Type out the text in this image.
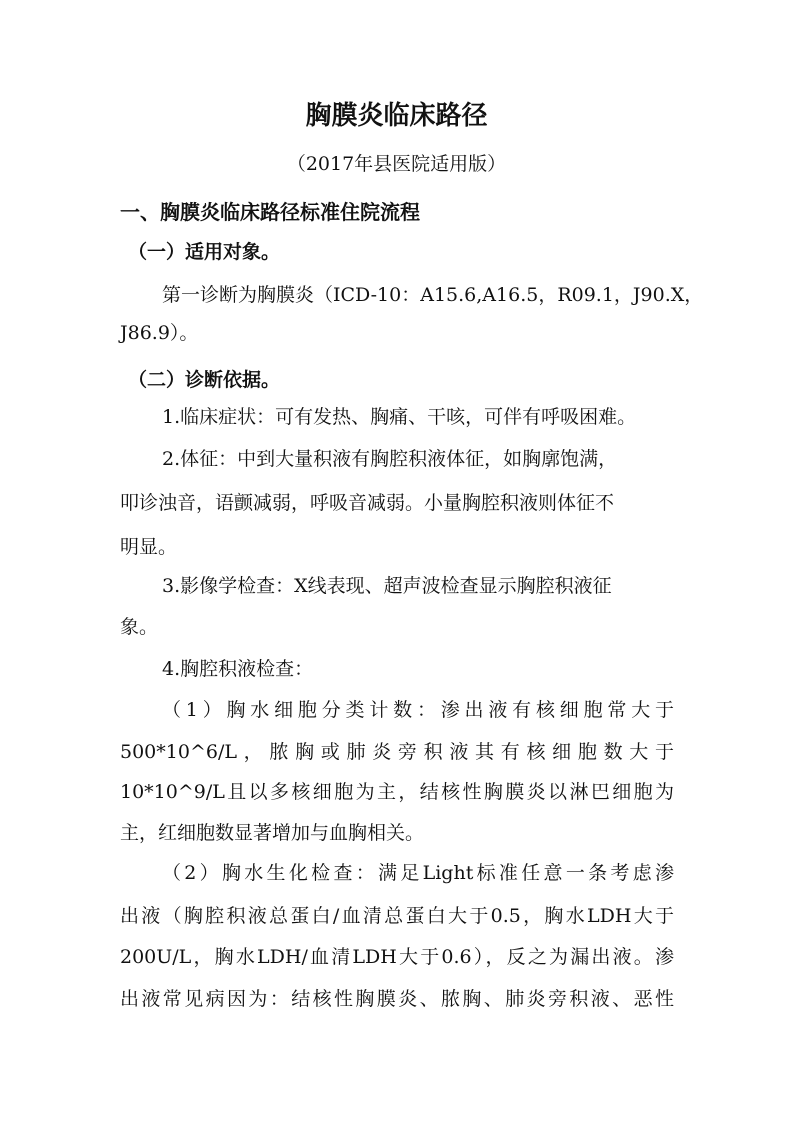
胸膜炎临床路径
（2017年县医院适用版）
一、胸膜炎临床路径标准住院流程
（一）适用对象。
第一诊断为胸膜炎（ICD-10：A15.6,A16.5，R09.1，J90.X，
J86.9）。
（二）诊断依据。
1.临床症状：可有发热、胸痛、干咳，可伴有呼吸困难。
2.体征：中到大量积液有胸腔积液体征，如胸廓饱满，
叩诊浊音，语颤减弱，呼吸音减弱。小量胸腔积液则体征不
明显。
3.影像学检查：X线表现、超声波检查显示胸腔积液征
象。
4.胸腔积液检查：
（1）胸水细胞分类计数：渗出液有核细胞常大于
500*10^6/L，脓胸或肺炎旁积液其有核细胞数大于
10*10^9/L且以多核细胞为主，结核性胸膜炎以淋巴细胞为
主，红细胞数显著增加与血胸相关。
（2）胸水生化检查：满足Light标准任意一条考虑渗
出液（胸腔积液总蛋白/血清总蛋白大于0.5，胸水LDH大于
200U/L，胸水LDH/血清LDH大于0.6），反之为漏出液。渗
出液常见病因为：结核性胸膜炎、脓胸、肺炎旁积液、恶性
